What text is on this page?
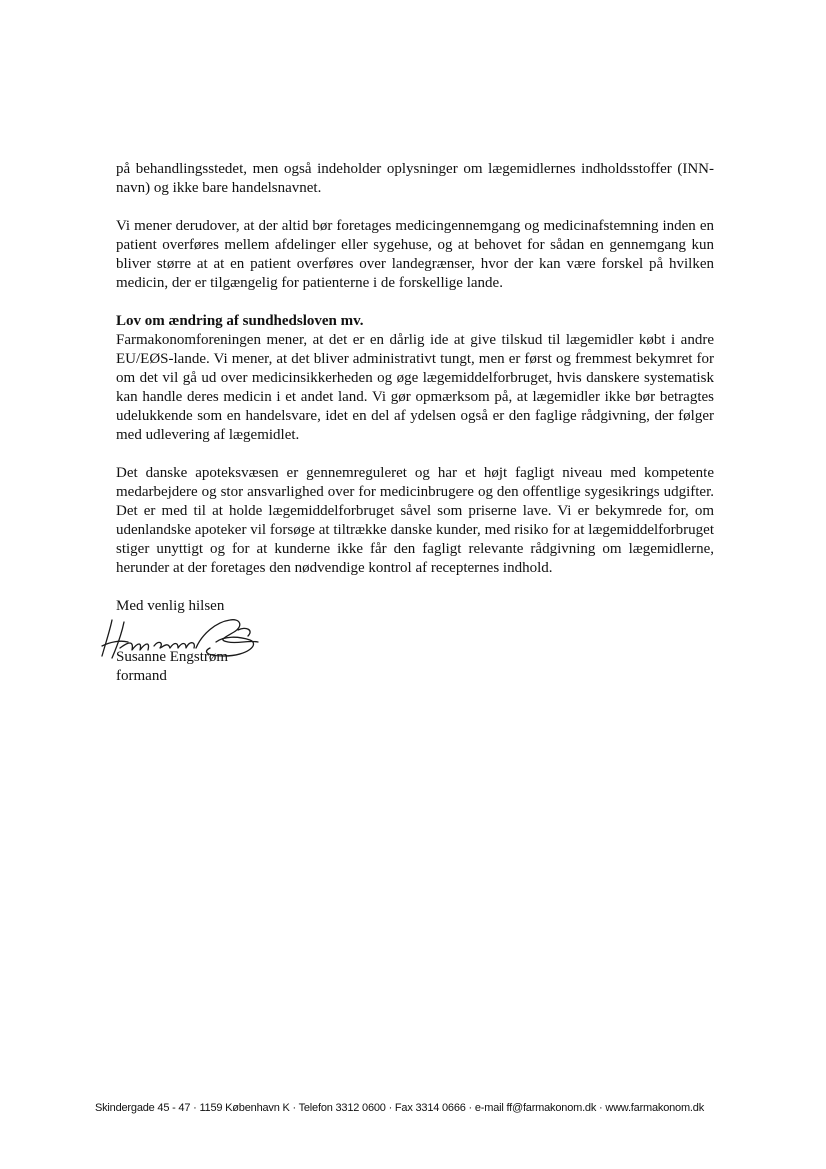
på behandlingsstedet, men også indeholder oplysninger om lægemidlernes indholdsstoffer (INN-navn) og ikke bare handelsnavnet.

Vi mener derudover, at der altid bør foretages medicingennemgang og medicinafstemning inden en patient overføres mellem afdelinger eller sygehuse, og at behovet for sådan en gennemgang kun bliver større at at en patient overføres over landegrænser, hvor der kan være forskel på hvilken medicin, der er tilgængelig for patienterne i de forskellige lande.

Lov om ændring af sundhedsloven mv.

Farmakonomforeningen mener, at det er en dårlig ide at give tilskud til lægemidler købt i andre EU/EØS-lande. Vi mener, at det bliver administrativt tungt, men er først og fremmest bekymret for om det vil gå ud over medicinsikkerheden og øge lægemiddelforbruget, hvis danskere systematisk kan handle deres medicin i et andet land. Vi gør opmærksom på, at lægemidler ikke bør betragtes udelukkende som en handelsvare, idet en del af ydelsen også er den faglige rådgivning, der følger med udlevering af lægemidlet.

Det danske apoteksvæsen er gennemreguleret og har et højt fagligt niveau med kompetente medarbejdere og stor ansvarlighed over for medicinbrugere og den offentlige sygesikrings udgifter. Det er med til at holde lægemiddelforbruget såvel som priserne lave. Vi er bekymrede for, om udenlandske apoteker vil forsøge at tiltrække danske kunder, med risiko for at lægemiddelforbruget stiger unyttigt og for at kunderne ikke får den fagligt relevante rådgivning om lægemidlerne, herunder at der foretages den nødvendige kontrol af recepternes indhold.

Med venlig hilsen

Susanne Engstrøm

formand

Skindergade 45 - 47 · 1159 København K · Telefon 3312 0600 · Fax 3314 0666 · e-mail ff@farmakonom.dk · www.farmakonom.dk
